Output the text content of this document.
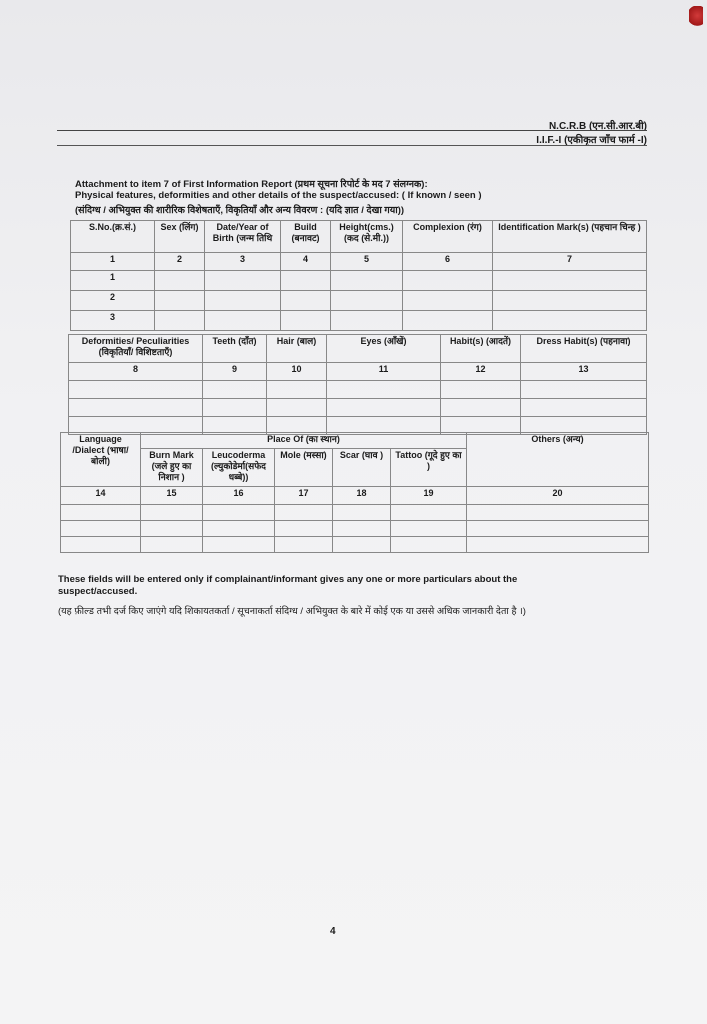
N.C.R.B (एन.सी.आर.बी)
I.I.F.-I (एकीकृत जाँच फार्म -I)
Attachment to item 7 of First Information Report (प्रथम सूचना रिपोर्ट के मद 7 संलग्नक):
Physical features, deformities and other details of the suspect/accused: ( If known / seen )
(संदिग्ध / अभियुक्त की शारीरिक विशेषताएँ, विकृतियाँ और अन्य विवरण : (यदि ज्ञात / देखा गया))
S.No.(क्र.सं.)	Sex (लिंग)	Date/Year of Birth (जन्म तिथि	Build (बनावट)	Height(cms.) (कद (से.मी.))	Complexion (रंग)	Identification Mark(s) (पहचान चिन्ह )
1	2	3	4	5	6	7
1						
2						
3						
Deformities/ Peculiarities (विकृतियाँ/ विशिष्टताएँ)	Teeth (दाँत)	Hair (बाल)	Eyes (आँखें)	Habit(s) (आदतें)	Dress Habit(s) (पहनावा)
8	9	10	11	12	13

Language /Dialect (भाषा/बोली)	Place Of (का स्थान)					Others (अन्य)
	Burn Mark (जले हुए का निशान )	Leucoderma (ल्युकोडेर्मा(सफेद धब्बे))	Mole (मस्सा)	Scar (घाव )	Tattoo (गूदे हुए का )	
14	15	16	17	18	19	20

These fields will be entered only if complainant/informant gives any one or more particulars about the suspect/accused.
(यह फ़ील्ड तभी दर्ज किए जाएंगे यदि शिकायतकर्ता / सूचनाकर्ता संदिग्ध / अभियुक्त के बारे में कोई एक या उससे अधिक जानकारी देता है ।)
4
